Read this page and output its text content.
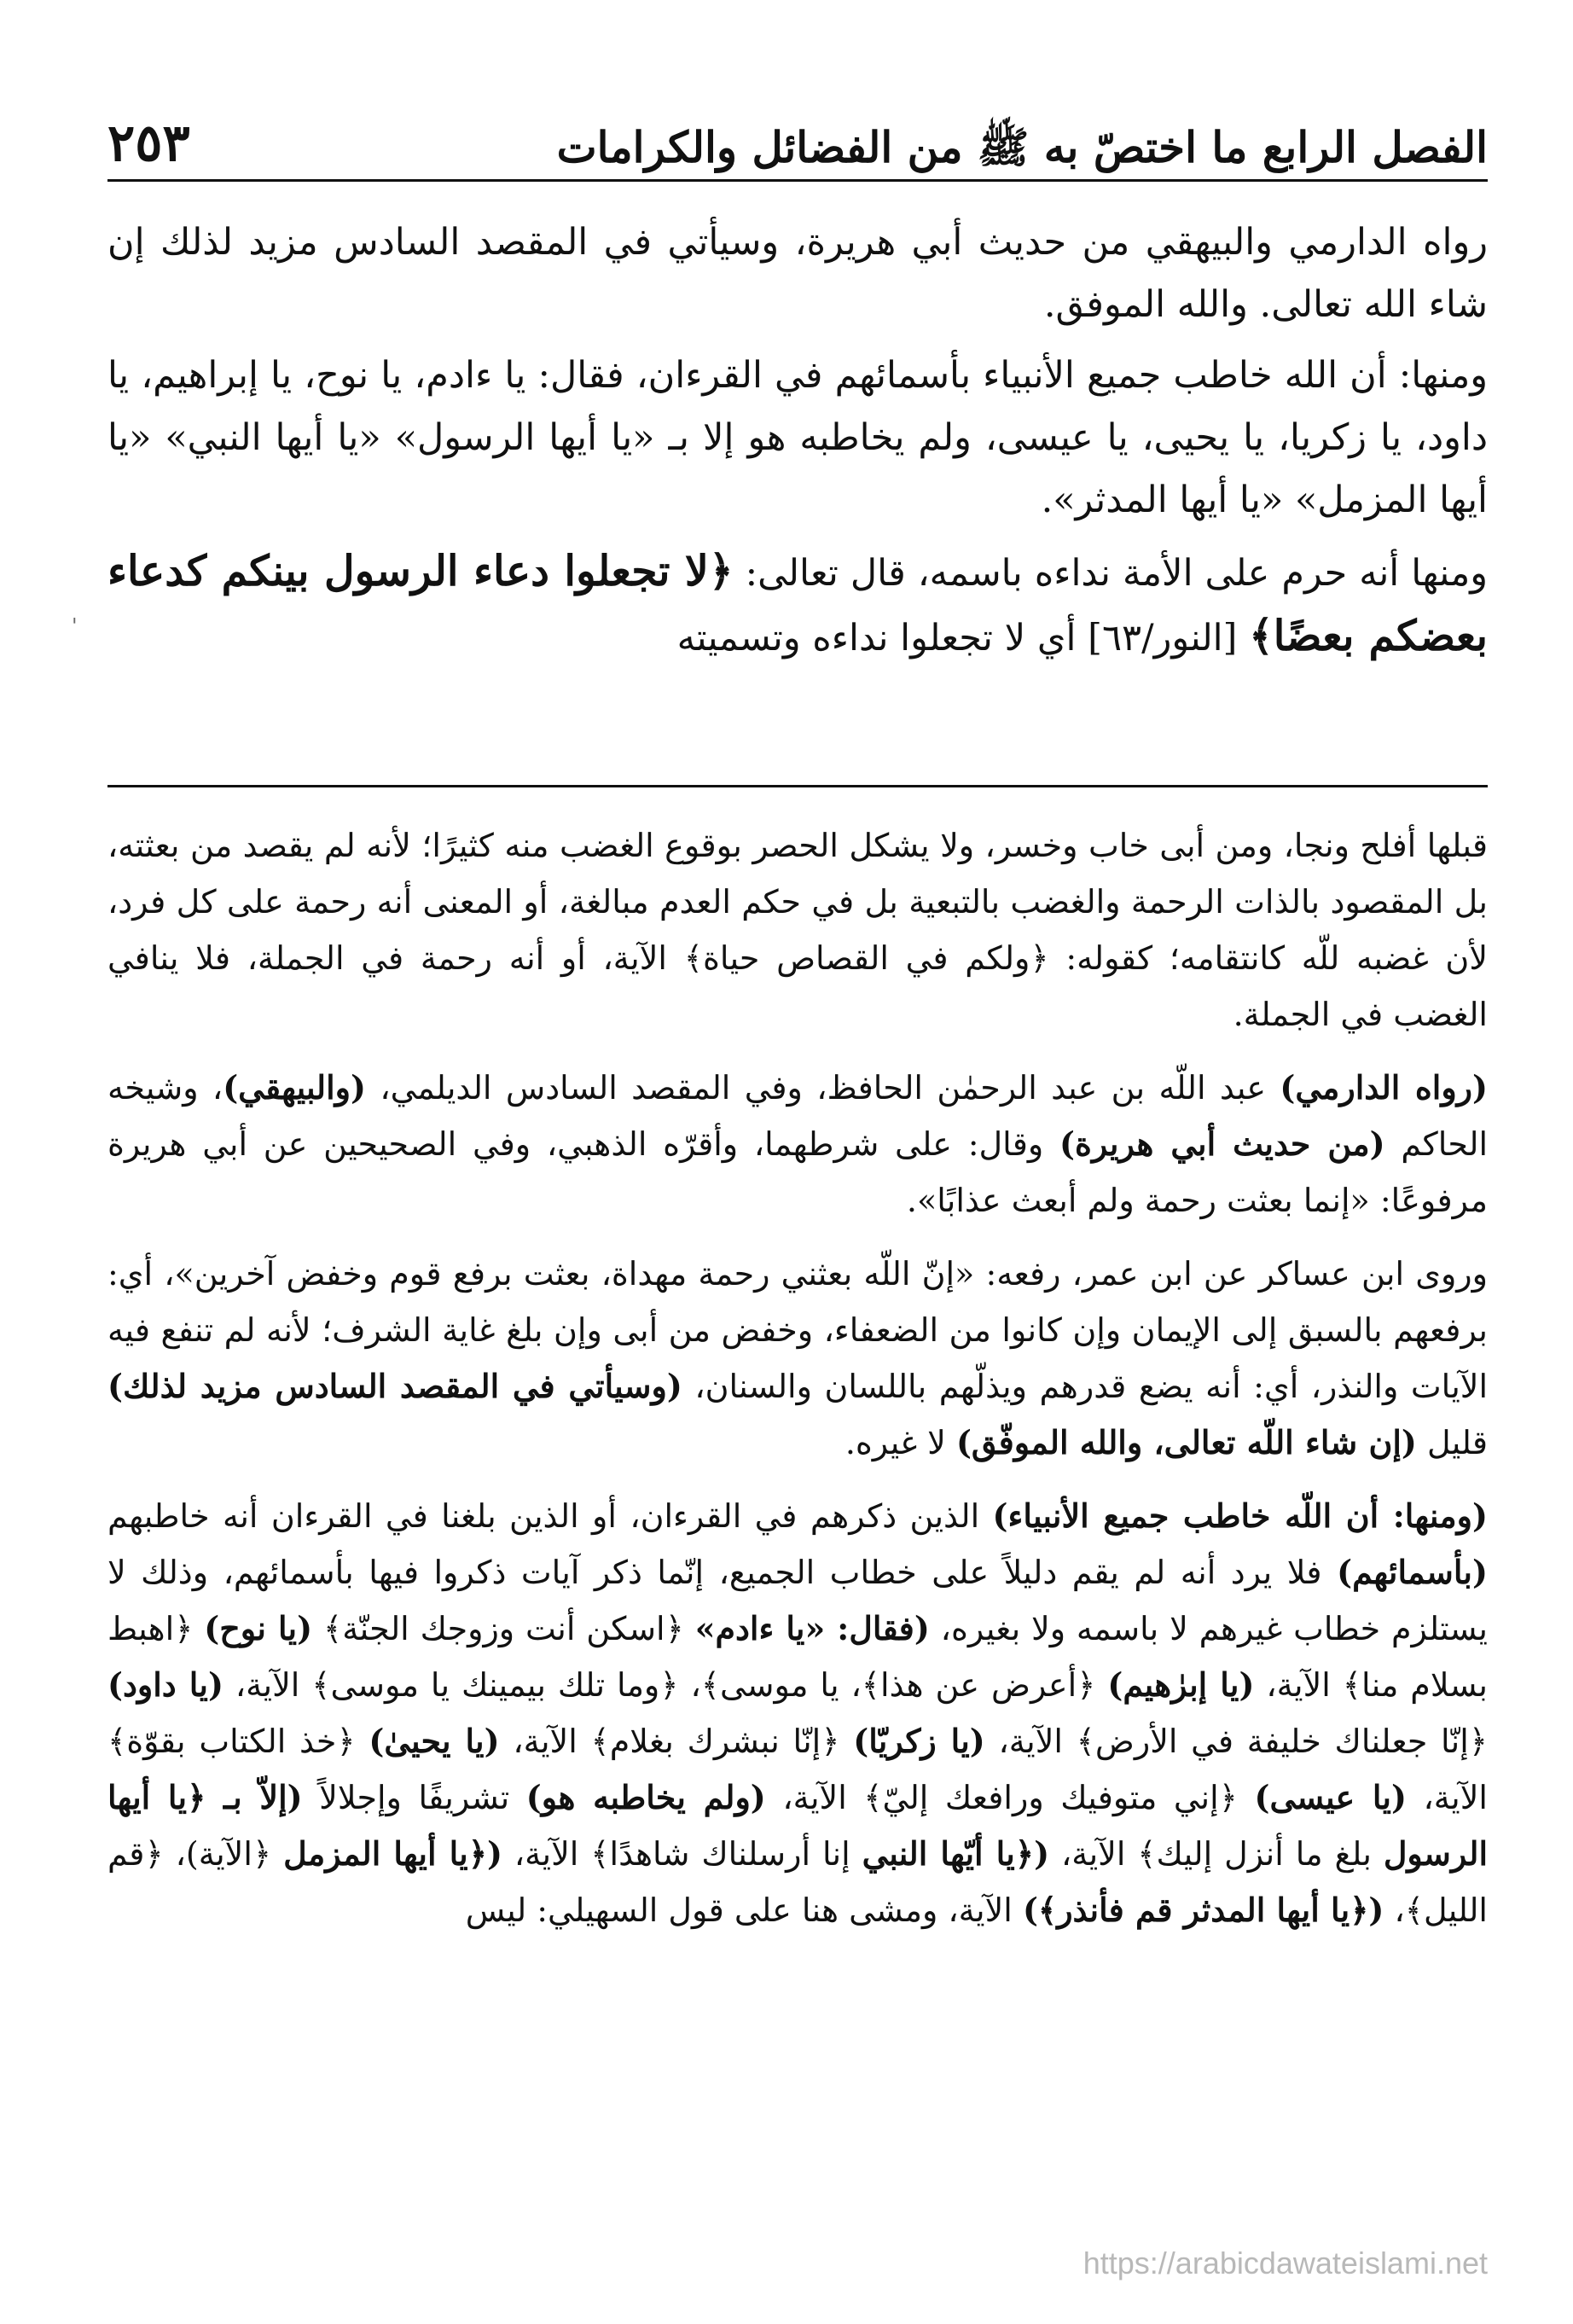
الفصل الرابع ما اختصّ به ﷺ من الفضائل والكرامات
٢٥٣

رواه الدارمي والبيهقي من حديث أبي هريرة، وسيأتي في المقصد السادس مزيد لذلك إن شاء الله تعالى. والله الموفق.

ومنها: أن الله خاطب جميع الأنبياء بأسمائهم في القرءان، فقال: يا ءادم، يا نوح، يا إبراهيم، يا داود، يا زكريا، يا يحيى، يا عيسى، ولم يخاطبه هو إلا بـ «يا أيها الرسول» «يا أيها النبي» «يا أيها المزمل» «يا أيها المدثر».

ومنها أنه حرم على الأمة نداءه باسمه، قال تعالى: ﴿لا تجعلوا دعاء الرسول بينكم كدعاء بعضكم بعضًا﴾ [النور/٦٣] أي لا تجعلوا نداءه وتسميته

'

قبلها أفلح ونجا، ومن أبى خاب وخسر، ولا يشكل الحصر بوقوع الغضب منه كثيرًا؛ لأنه لم يقصد من بعثته، بل المقصود بالذات الرحمة والغضب بالتبعية بل في حكم العدم مبالغة، أو المعنى أنه رحمة على كل فرد، لأن غضبه للّه كانتقامه؛ كقوله: ﴿ولكم في القصاص حياة﴾ الآية، أو أنه رحمة في الجملة، فلا ينافي الغضب في الجملة.

(رواه الدارمي) عبد اللّه بن عبد الرحمٰن الحافظ، وفي المقصد السادس الديلمي، (والبيهقي)، وشيخه الحاكم (من حديث أبي هريرة) وقال: على شرطهما، وأقرّه الذهبي، وفي الصحيحين عن أبي هريرة مرفوعًا: «إنما بعثت رحمة ولم أبعث عذابًا».

وروى ابن عساكر عن ابن عمر، رفعه: «إنّ اللّه بعثني رحمة مهداة، بعثت برفع قوم وخفض آخرين»، أي: برفعهم بالسبق إلى الإيمان وإن كانوا من الضعفاء، وخفض من أبى وإن بلغ غاية الشرف؛ لأنه لم تنفع فيه الآيات والنذر، أي: أنه يضع قدرهم ويذلّهم باللسان والسنان، (وسيأتي في المقصد السادس مزيد لذلك) قليل (إن شاء اللّه تعالى، والله الموفّق) لا غيره.

(ومنها: أن اللّه خاطب جميع الأنبياء) الذين ذكرهم في القرءان، أو الذين بلغنا في القرءان أنه خاطبهم (بأسمائهم) فلا يرد أنه لم يقم دليلاً على خطاب الجميع، إنّما ذكر آيات ذكروا فيها بأسمائهم، وذلك لا يستلزم خطاب غيرهم لا باسمه ولا بغيره، (فقال: «يا ءادم» ﴿اسكن أنت وزوجك الجنّة﴾ (يا نوح) ﴿اهبط بسلام منا﴾ الآية، (يا إبرٰهيم) ﴿أعرض عن هذا﴾، يا موسى﴾، ﴿وما تلك بيمينك يا موسى﴾ الآية، (يا داود) ﴿إنّا جعلناك خليفة في الأرض﴾ الآية، (يا زكريّا) ﴿إنّا نبشرك بغلام﴾ الآية، (يا يحيىٰ) ﴿خذ الكتاب بقوّة﴾ الآية، (يا عيسى) ﴿إني متوفيك ورافعك إليّ﴾ الآية، (ولم يخاطبه هو) تشريفًا وإجلالاً (إلاّ بـ ﴿يا أيها الرسول بلغ ما أنزل إليك﴾ الآية، (﴿يا أيّها النبي إنا أرسلناك شاهدًا﴾ الآية، (﴿يا أيها المزمل ﴿الآية)، ﴿قم الليل﴾، (﴿يا أيها المدثر قم فأنذر﴾) الآية، ومشى هنا على قول السهيلي: ليس

https://arabicdawateislami.net
